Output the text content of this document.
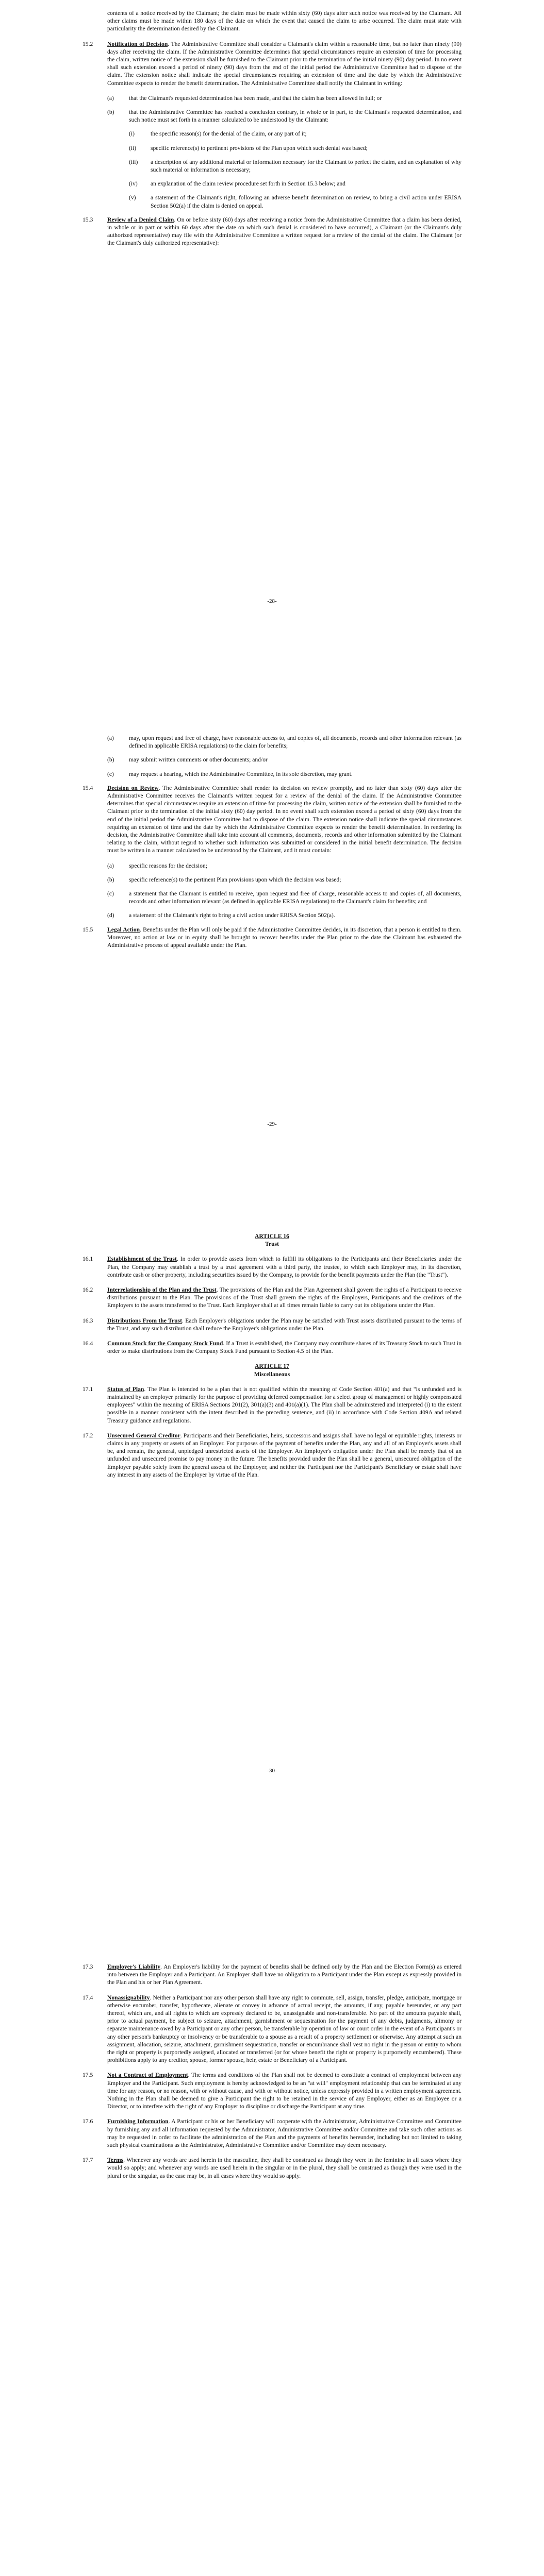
contents of a notice received by the Claimant; the claim must be made within sixty (60) days after such notice was received by the Claimant. All other claims must be made within 180 days of the date on which the event that caused the claim to arise occurred. The claim must state with particularity the determination desired by the Claimant.

15.2	Notification of Decision. The Administrative Committee shall consider a Claimant's claim within a reasonable time, but no later than ninety (90) days after receiving the claim. If the Administrative Committee determines that special circumstances require an extension of time for processing the claim, written notice of the extension shall be furnished to the Claimant prior to the termination of the initial ninety (90) day period. In no event shall such extension exceed a period of ninety (90) days from the end of the initial period the Administrative Committee had to dispose of the claim. The extension notice shall indicate the special circumstances requiring an extension of time and the date by which the Administrative Committee expects to render the benefit determination. The Administrative Committee shall notify the Claimant in writing:

(a)	that the Claimant's requested determination has been made, and that the claim has been allowed in full; or

(b)	that the Administrative Committee has reached a conclusion contrary, in whole or in part, to the Claimant's requested determination, and such notice must set forth in a manner calculated to be understood by the Claimant:

(i)	the specific reason(s) for the denial of the claim, or any part of it;

(ii)	specific reference(s) to pertinent provisions of the Plan upon which such denial was based;

(iii)	a description of any additional material or information necessary for the Claimant to perfect the claim, and an explanation of why such material or information is necessary;

(iv)	an explanation of the claim review procedure set forth in Section 15.3 below; and

(v)	a statement of the Claimant's right, following an adverse benefit determination on review, to bring a civil action under ERISA Section 502(a) if the claim is denied on appeal.

15.3	Review of a Denied Claim. On or before sixty (60) days after receiving a notice from the Administrative Committee that a claim has been denied, in whole or in part or within 60 days after the date on which such denial is considered to have occurred), a Claimant (or the Claimant's duly authorized representative) may file with the Administrative Committee a written request for a review of the denial of the claim. The Claimant (or the Claimant's duly authorized representative):

-28-
(a)	may, upon request and free of charge, have reasonable access to, and copies of, all documents, records and other information relevant (as defined in applicable ERISA regulations) to the claim for benefits;

(b)	may submit written comments or other documents; and/or

(c)	may request a hearing, which the Administrative Committee, in its sole discretion, may grant.

15.4	Decision on Review. The Administrative Committee shall render its decision on review promptly, and no later than sixty (60) days after the Administrative Committee receives the Claimant's written request for a review of the denial of the claim. If the Administrative Committee determines that special circumstances require an extension of time for processing the claim, written notice of the extension shall be furnished to the Claimant prior to the termination of the initial sixty (60) day period. In no event shall such extension exceed a period of sixty (60) days from the end of the initial period the Administrative Committee had to dispose of the claim. The extension notice shall indicate the special circumstances requiring an extension of time and the date by which the Administrative Committee expects to render the benefit determination. In rendering its decision, the Administrative Committee shall take into account all comments, documents, records and other information submitted by the Claimant relating to the claim, without regard to whether such information was submitted or considered in the initial benefit determination. The decision must be written in a manner calculated to be understood by the Claimant, and it must contain:

(a)	specific reasons for the decision;

(b)	specific reference(s) to the pertinent Plan provisions upon which the decision was based;

(c)	a statement that the Claimant is entitled to receive, upon request and free of charge, reasonable access to and copies of, all documents, records and other information relevant (as defined in applicable ERISA regulations) to the Claimant's claim for benefits; and

(d)	a statement of the Claimant's right to bring a civil action under ERISA Section 502(a).

15.5	Legal Action. Benefits under the Plan will only be paid if the Administrative Committee decides, in its discretion, that a person is entitled to them. Moreover, no action at law or in equity shall be brought to recover benefits under the Plan prior to the date the Claimant has exhausted the Administrative process of appeal available under the Plan.

-29-
ARTICLE 16
Trust
16.1	Establishment of the Trust. In order to provide assets from which to fulfill its obligations to the Participants and their Beneficiaries under the Plan, the Company may establish a trust by a trust agreement with a third party, the trustee, to which each Employer may, in its discretion, contribute cash or other property, including securities issued by the Company, to provide for the benefit payments under the Plan (the "Trust").

16.2	Interrelationship of the Plan and the Trust. The provisions of the Plan and the Plan Agreement shall govern the rights of a Participant to receive distributions pursuant to the Plan. The provisions of the Trust shall govern the rights of the Employers, Participants and the creditors of the Employers to the assets transferred to the Trust. Each Employer shall at all times remain liable to carry out its obligations under the Plan.

16.3	Distributions From the Trust. Each Employer's obligations under the Plan may be satisfied with Trust assets distributed pursuant to the terms of the Trust, and any such distribution shall reduce the Employer's obligations under the Plan.

16.4	Common Stock for the Company Stock Fund. If a Trust is established, the Company may contribute shares of its Treasury Stock to such Trust in order to make distributions from the Company Stock Fund pursuant to Section 4.5 of the Plan.

ARTICLE 17
Miscellaneous
17.1	Status of Plan. The Plan is intended to be a plan that is not qualified within the meaning of Code Section 401(a) and that "is unfunded and is maintained by an employer primarily for the purpose of providing deferred compensation for a select group of management or highly compensated employees" within the meaning of ERISA Sections 201(2), 301(a)(3) and 401(a)(1). The Plan shall be administered and interpreted (i) to the extent possible in a manner consistent with the intent described in the preceding sentence, and (ii) in accordance with Code Section 409A and related Treasury guidance and regulations.

17.2	Unsecured General Creditor. Participants and their Beneficiaries, heirs, successors and assigns shall have no legal or equitable rights, interests or claims in any property or assets of an Employer. For purposes of the payment of benefits under the Plan, any and all of an Employer's assets shall be, and remain, the general, unpledged unrestricted assets of the Employer. An Employer's obligation under the Plan shall be merely that of an unfunded and unsecured promise to pay money in the future. The benefits provided under the Plan shall be a general, unsecured obligation of the Employer payable solely from the general assets of the Employer, and neither the Participant nor the Participant's Beneficiary or estate shall have any interest in any assets of the Employer by virtue of the Plan.

-30-
17.3	Employer's Liability. An Employer's liability for the payment of benefits shall be defined only by the Plan and the Election Form(s) as entered into between the Employer and a Participant. An Employer shall have no obligation to a Participant under the Plan except as expressly provided in the Plan and his or her Plan Agreement.

17.4	Nonassignability. Neither a Participant nor any other person shall have any right to commute, sell, assign, transfer, pledge, anticipate, mortgage or otherwise encumber, transfer, hypothecate, alienate or convey in advance of actual receipt, the amounts, if any, payable hereunder, or any part thereof, which are, and all rights to which are expressly declared to be, unassignable and non-transferable. No part of the amounts payable shall, prior to actual payment, be subject to seizure, attachment, garnishment or sequestration for the payment of any debts, judgments, alimony or separate maintenance owed by a Participant or any other person, be transferable by operation of law or court order in the event of a Participant's or any other person's bankruptcy or insolvency or be transferable to a spouse as a result of a property settlement or otherwise. Any attempt at such an assignment, allocation, seizure, attachment, garnishment sequestration, transfer or encumbrance shall vest no right in the person or entity to whom the right or property is purportedly assigned, allocated or transferred (or for whose benefit the right or property is purportedly encumbered). These prohibitions apply to any creditor, spouse, former spouse, heir, estate or Beneficiary of a Participant.

17.5	Not a Contract of Employment. The terms and conditions of the Plan shall not be deemed to constitute a contract of employment between any Employer and the Participant. Such employment is hereby acknowledged to be an "at will" employment relationship that can be terminated at any time for any reason, or no reason, with or without cause, and with or without notice, unless expressly provided in a written employment agreement. Nothing in the Plan shall be deemed to give a Participant the right to be retained in the service of any Employer, either as an Employee or a Director, or to interfere with the right of any Employer to discipline or discharge the Participant at any time.

17.6	Furnishing Information. A Participant or his or her Beneficiary will cooperate with the Administrator, Administrative Committee and Committee by furnishing any and all information requested by the Administrator, Administrative Committee and/or Committee and take such other actions as may be requested in order to facilitate the administration of the Plan and the payments of benefits hereunder, including but not limited to taking such physical examinations as the Administrator, Administrative Committee and/or Committee may deem necessary.

17.7	Terms. Whenever any words are used herein in the masculine, they shall be construed as though they were in the feminine in all cases where they would so apply; and whenever any words are used herein in the singular or in the plural, they shall be construed as though they were used in the plural or the singular, as the case may be, in all cases where they would so apply.
